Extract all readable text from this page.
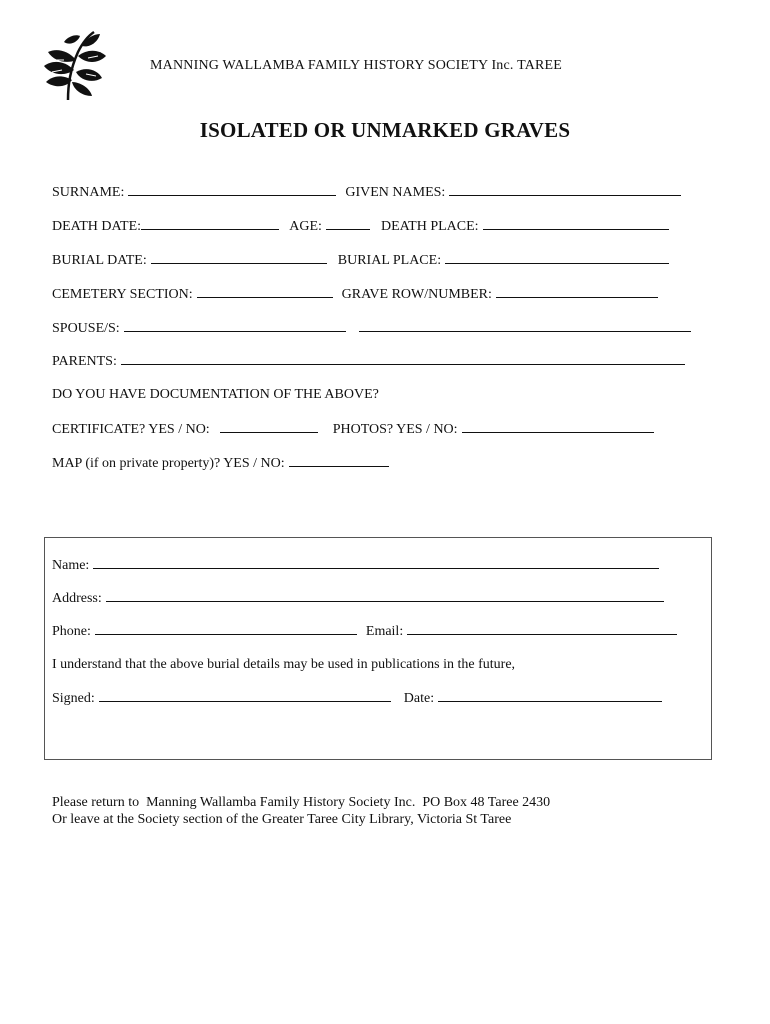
MANNING WALLAMBA FAMILY HISTORY SOCIETY Inc. TAREE
ISOLATED OR UNMARKED GRAVES
SURNAME:	GIVEN NAMES:
DEATH DATE:	AGE:	DEATH PLACE:
BURIAL DATE:	BURIAL PLACE:
CEMETERY SECTION:	GRAVE ROW/NUMBER:
SPOUSE/S:
PARENTS:
DO YOU HAVE DOCUMENTATION OF THE ABOVE?
CERTIFICATE? YES / NO:	PHOTOS? YES / NO:
MAP (if on private property)? YES / NO:
Name:
Address:
Phone:	Email:
I understand that the above burial details may be used in publications in the future,
Signed:	Date:
Please return to  Manning Wallamba Family History Society Inc.  PO Box 48 Taree 2430
Or leave at the Society section of the Greater Taree City Library, Victoria St Taree
